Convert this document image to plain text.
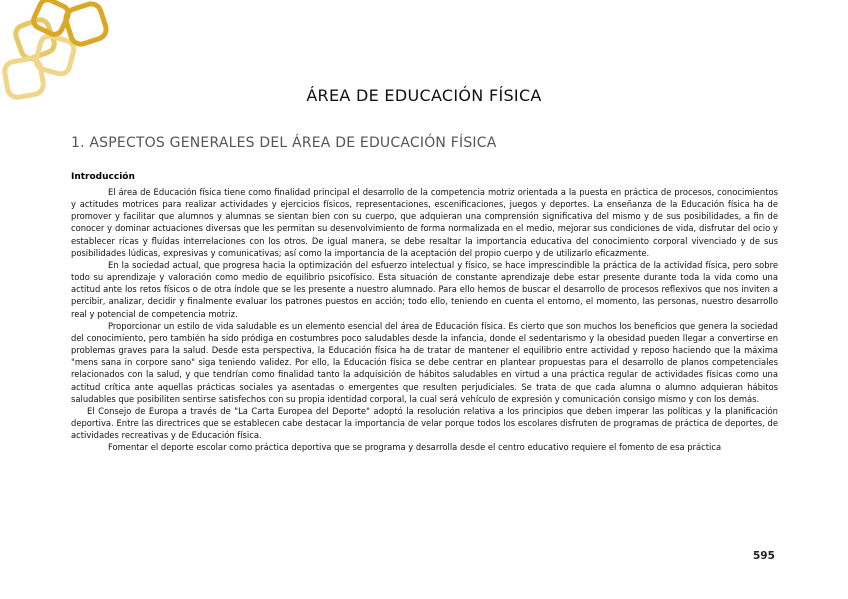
ÁREA DE EDUCACIÓN FÍSICA
1. ASPECTOS GENERALES DEL ÁREA DE EDUCACIÓN FÍSICA

Introducción

El área de Educación física tiene como finalidad principal el desarrollo de la competencia motriz orientada a la puesta en práctica de procesos, conocimientos y actitudes motrices para realizar actividades y ejercicios físicos, representaciones, escenificaciones, juegos y deportes. La enseñanza de la Educación física ha de promover y facilitar que alumnos y alumnas se sientan bien con su cuerpo, que adquieran una comprensión significativa del mismo y de sus posibilidades, a fin de conocer y dominar actuaciones diversas que les permitan su desenvolvimiento de forma normalizada en el medio, mejorar sus condiciones de vida, disfrutar del ocio y establecer ricas y fluidas interrelaciones con los otros. De igual manera, se debe resaltar la importancia educativa del conocimiento corporal vivenciado y de sus posibilidades lúdicas, expresivas y comunicativas; así como la importancia de la aceptación del propio cuerpo y de utilizarlo eficazmente.

En la sociedad actual, que progresa hacia la optimización del esfuerzo intelectual y físico, se hace imprescindible la práctica de la actividad física, pero sobre todo su aprendizaje y valoración como medio de equilibrio psicofísico. Esta situación de constante aprendizaje debe estar presente durante toda la vida como una actitud ante los retos físicos o de otra índole que se les presente a nuestro alumnado. Para ello hemos de buscar el desarrollo de procesos reflexivos que nos inviten a percibir, analizar, decidir y finalmente evaluar los patrones puestos en acción; todo ello, teniendo en cuenta el entorno, el momento, las personas, nuestro desarrollo real y potencial de competencia motriz.

Proporcionar un estilo de vida saludable es un elemento esencial del área de Educación física. Es cierto que son muchos los beneficios que genera la sociedad del conocimiento, pero también ha sido pródiga en costumbres poco saludables desde la infancia, donde el sedentarismo y la obesidad pueden llegar a convertirse en problemas graves para la salud. Desde esta perspectiva, la Educación física ha de tratar de mantener el equilibrio entre actividad y reposo haciendo que la máxima "mens sana in corpore sano" siga teniendo validez. Por ello, la Educación física se debe centrar en plantear propuestas para el desarrollo de planos competenciales relacionados con la salud, y que tendrían como finalidad tanto la adquisición de hábitos saludables en virtud a una práctica regular de actividades físicas como una actitud crítica ante aquellas prácticas sociales ya asentadas o emergentes que resulten perjudiciales. Se trata de que cada alumna o alumno adquieran hábitos saludables que posibiliten sentirse satisfechos con su propia identidad corporal, la cual será vehículo de expresión y comunicación consigo mismo y con los demás.

El Consejo de Europa a través de "La Carta Europea del Deporte" adoptó la resolución relativa a los principios que deben imperar las políticas y la planificación deportiva. Entre las directrices que se establecen cabe destacar la importancia de velar porque todos los escolares disfruten de programas de práctica de deportes, de actividades recreativas y de Educación física.

Fomentar el deporte escolar como práctica deportiva que se programa y desarrolla desde el centro educativo requiere el fomento de esa práctica

595
